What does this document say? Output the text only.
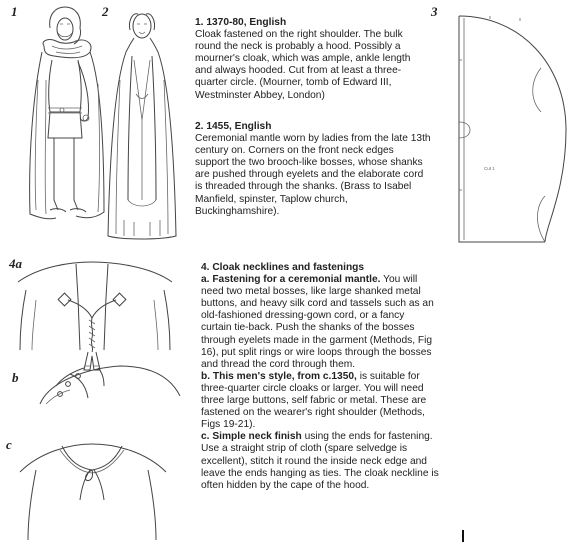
1	2	3
4a
b
c
Cut 1

1. 1370-80, English

Cloak fastened on the right shoulder. The bulk

round the neck is probably a hood. Possibly a

mourner's cloak, which was ample, ankle length

and always hooded. Cut from at least a three-

quarter circle. (Mourner, tomb of Edward III,

Westminster Abbey, London)

2. 1455, English

Ceremonial mantle worn by ladies from the late 13th

century on. Corners on the front neck edges

support the two brooch-like bosses, whose shanks

are pushed through eyelets and the elaborate cord

is threaded through the shanks. (Brass to Isabel

Manfield, spinster, Taplow church,

Buckinghamshire).

4. Cloak necklines and fastenings

a. Fastening for a ceremonial mantle. You will

need two metal bosses, like large shanked metal

buttons, and heavy silk cord and tassels such as an

old-fashioned dressing-gown cord, or a fancy

curtain tie-back. Push the shanks of the bosses

through eyelets made in the garment (Methods, Fig

16), put split rings or wire loops through the bosses

and thread the cord through them.

b. This men's style, from c.1350, is suitable for

three-quarter circle cloaks or larger. You will need

three large buttons, self fabric or metal. These are

fastened on the wearer's right shoulder (Methods,

Figs 19-21).

c. Simple neck finish using the ends for fastening.

Use a straight strip of cloth (spare selvedge is

excellent), stitch it round the inside neck edge and

leave the ends hanging as ties. The cloak neckline is

often hidden by the cape of the hood.
